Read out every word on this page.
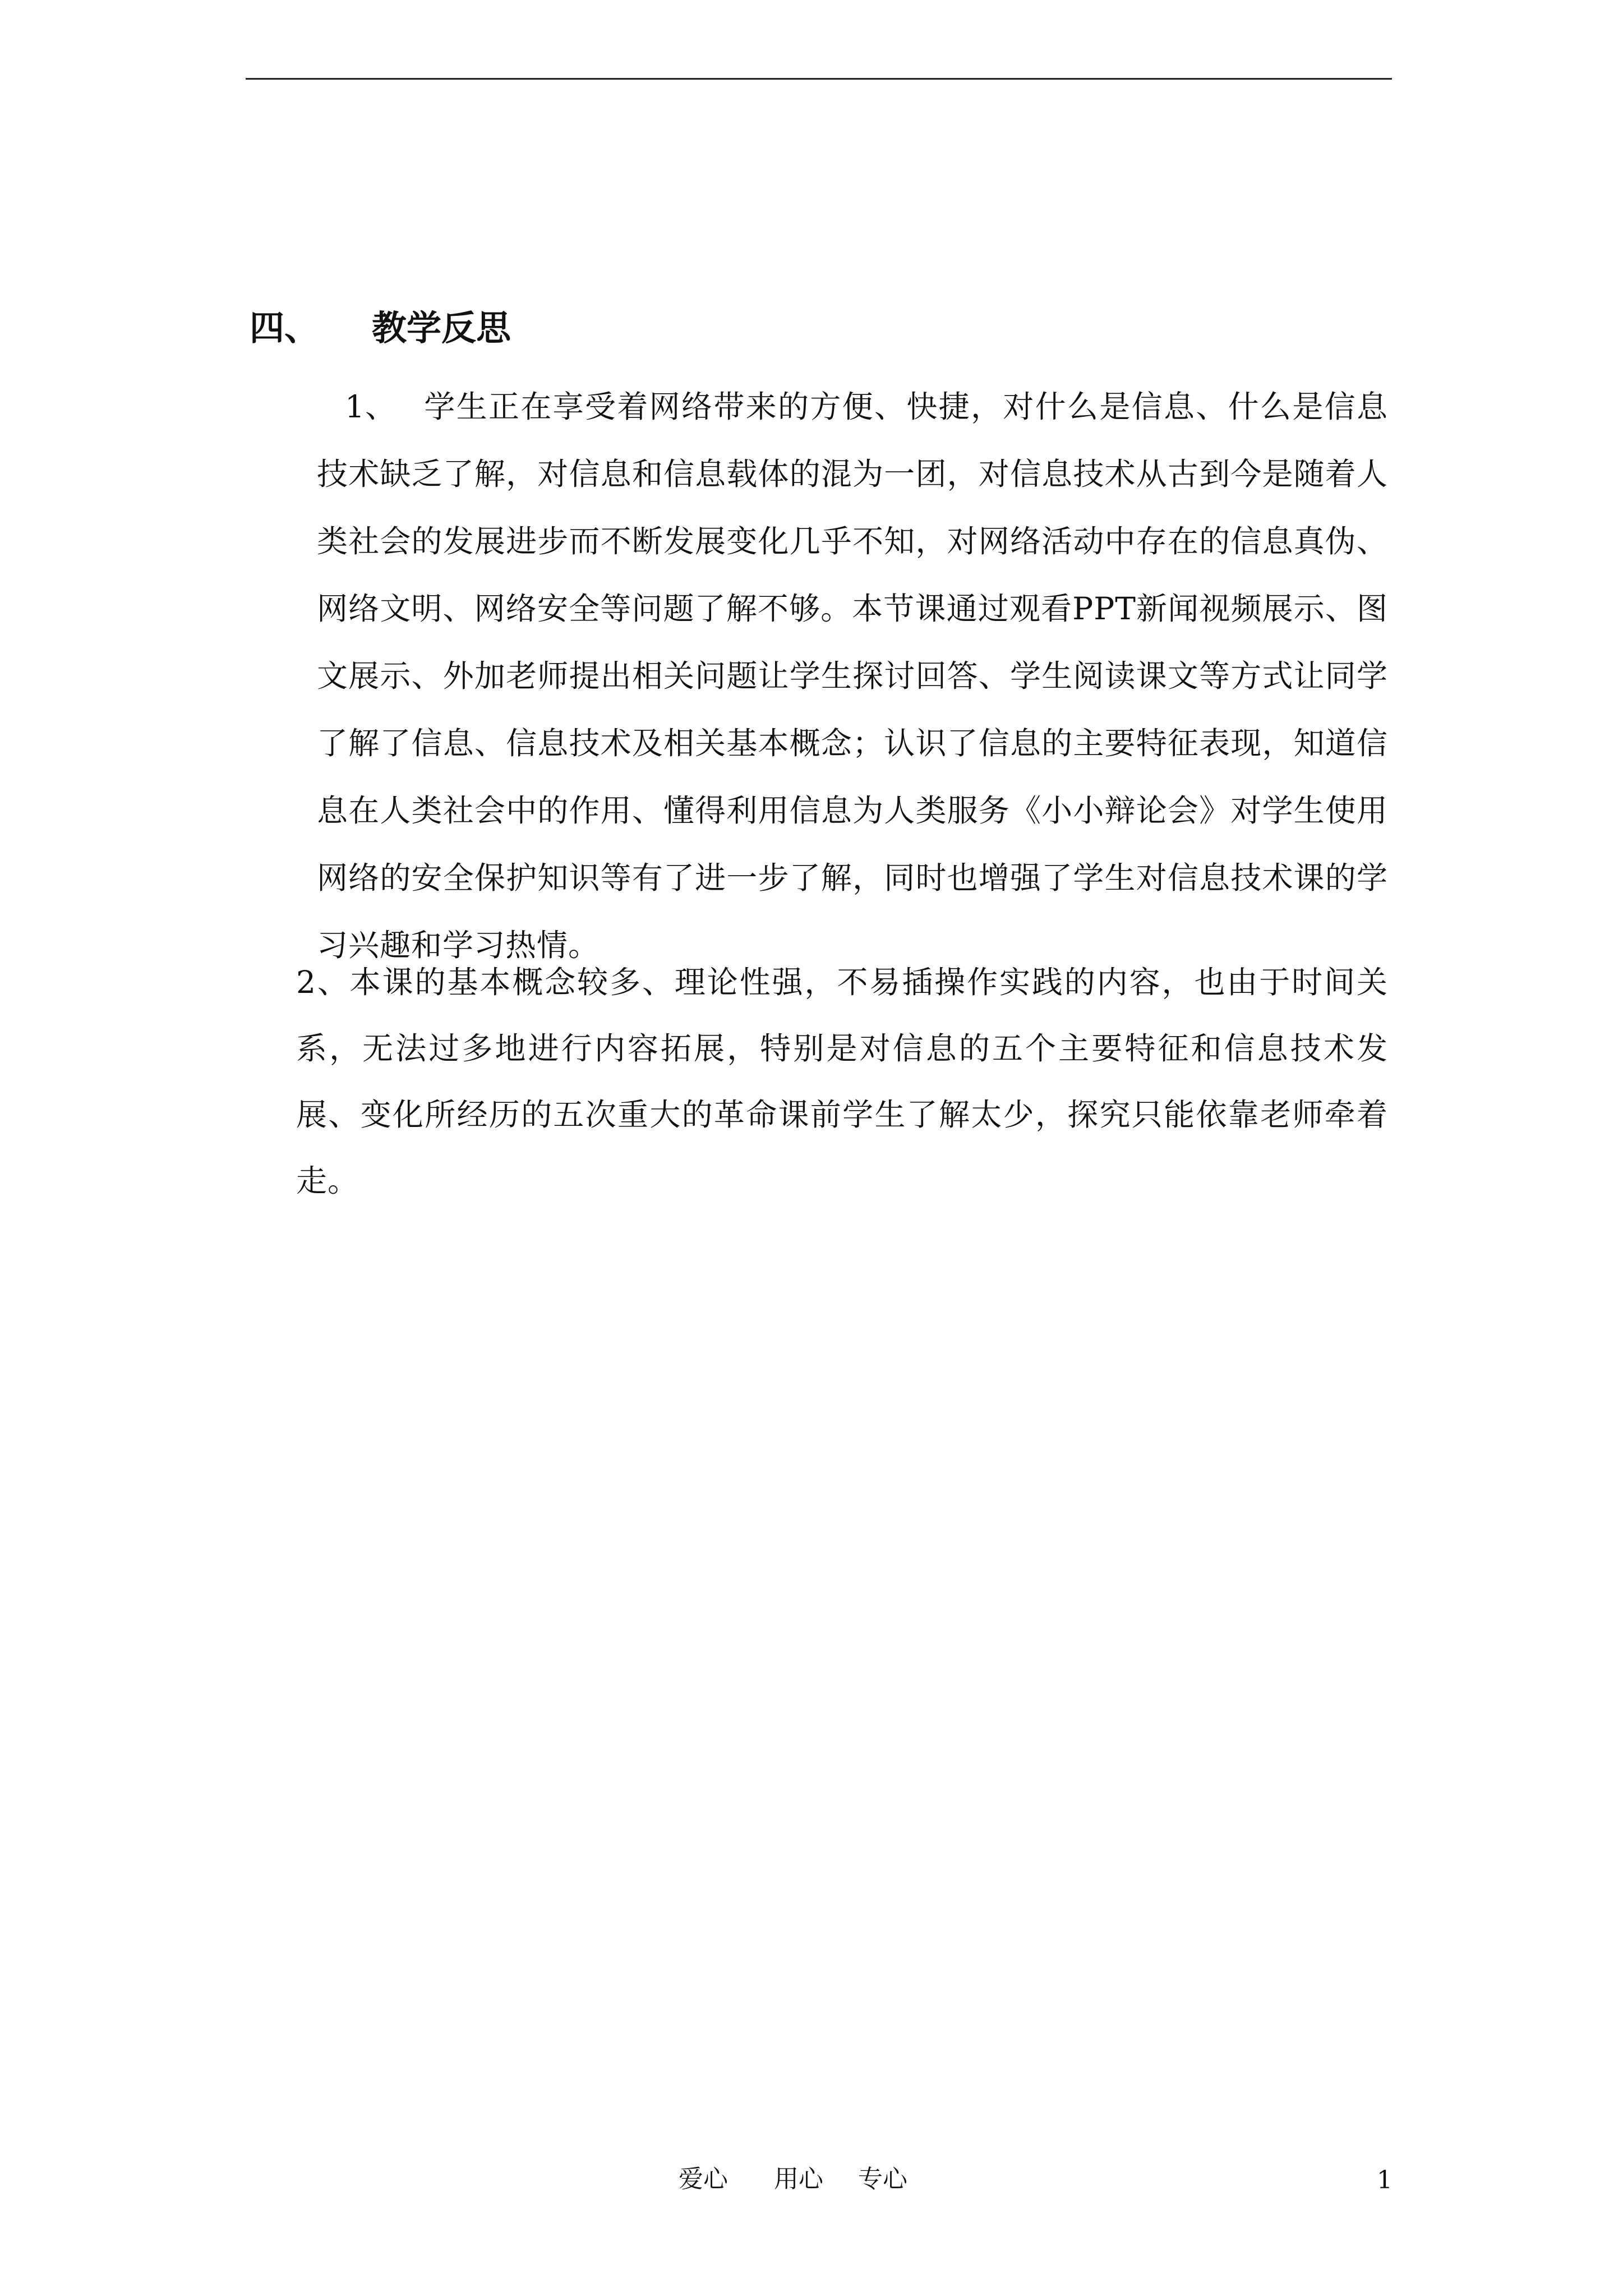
四、 教学反思
1、 学生正在享受着网络带来的方便、快捷，对什么是信息、什么是信息技术缺乏了解，对信息和信息载体的混为一团，对信息技术从古到今是随着人类社会的发展进步而不断发展变化几乎不知，对网络活动中存在的信息真伪、网络文明、网络安全等问题了解不够。本节课通过观看PPT新闻视频展示、图文展示、外加老师提出相关问题让学生探讨回答、学生阅读课文等方式让同学了解了信息、信息技术及相关基本概念；认识了信息的主要特征表现，知道信息在人类社会中的作用、懂得利用信息为人类服务《小小辩论会》对学生使用网络的安全保护知识等有了进一步了解，同时也增强了学生对信息技术课的学习兴趣和学习热情。
2、本课的基本概念较多、理论性强，不易插操作实践的内容，也由于时间关系，无法过多地进行内容拓展，特别是对信息的五个主要特征和信息技术发展、变化所经历的五次重大的革命课前学生了解太少，探究只能依靠老师牵着走。
爱心 用心 专心	1
